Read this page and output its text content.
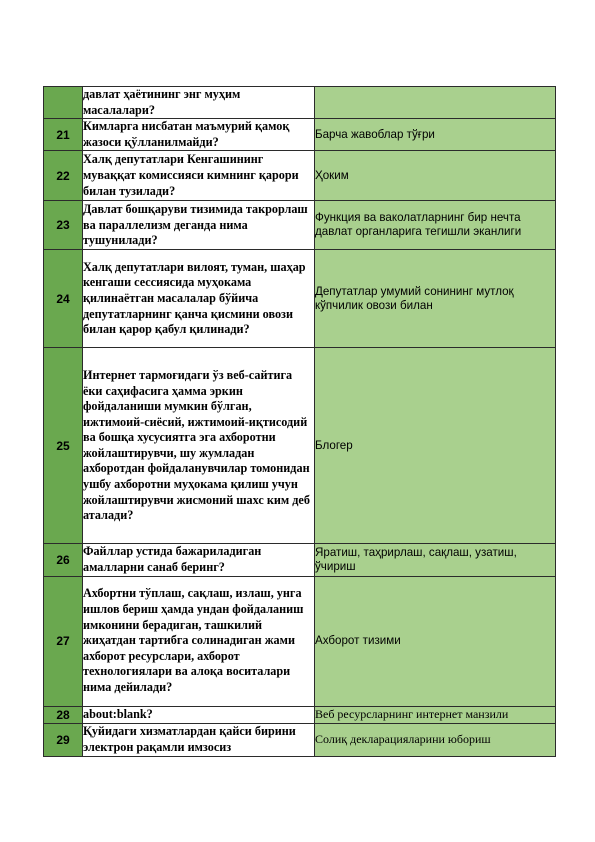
	давлат ҳаётининг энг муҳим масалалари?	
21	Кимларга нисбатан маъмурий қамоқ жазоси қўлланилмайди?	Барча жавоблар тўғри
22	Халқ депутатлари Кенгашининг муваққат комиссияси кимнинг қарори билан тузилади?	Ҳоким
23	Давлат бошқаруви тизимида такрорлаш ва параллелизм деганда нима тушунилади?	Функция ва ваколатларнинг бир нечта давлат органларига тегишли эканлиги
24	Халқ депутатлари вилоят, туман, шаҳар кенгаши сессиясида муҳокама қилинаётган масалалар бўйича депутатларнинг қанча қисмини овози билан қарор қабул қилинади?	Депутатлар умумий сонининг мутлоқ кўпчилик овози билан
25	Интернет тармоғидаги ўз веб-сайтига ёки саҳифасига ҳамма эркин фойдаланиши мумкин бўлган, ижтимоий-сиёсий, ижтимоий-иқтисодий ва бошқа хусусиятга эга ахборотни жойлаштирувчи, шу жумладан ахборотдан фойдаланувчилар томонидан ушбу ахборотни муҳокама қилиш учун жойлаштирувчи жисмоний шахс ким деб аталади?	Блогер
26	Файллар устида бажариладиган амалларни санаб беринг?	Яратиш, таҳрирлаш, сақлаш, узатиш, ўчириш
27	Ахбортни тўплаш, сақлаш, излаш, унга ишлов бериш ҳамда ундан фойдаланиш имконини берадиган, ташкилий жиҳатдан тартибга солинадиган жами ахборот ресурслари, ахборот технологиялари ва алоқа воситалари нима дейилади?	Ахборот тизими
28	about:blank?	Веб ресурсларнинг интернет манзили
29	Қуйидаги хизматлардан қайси бирини электрон рақамли имзосиз	Солиқ декларацияларини юбориш
